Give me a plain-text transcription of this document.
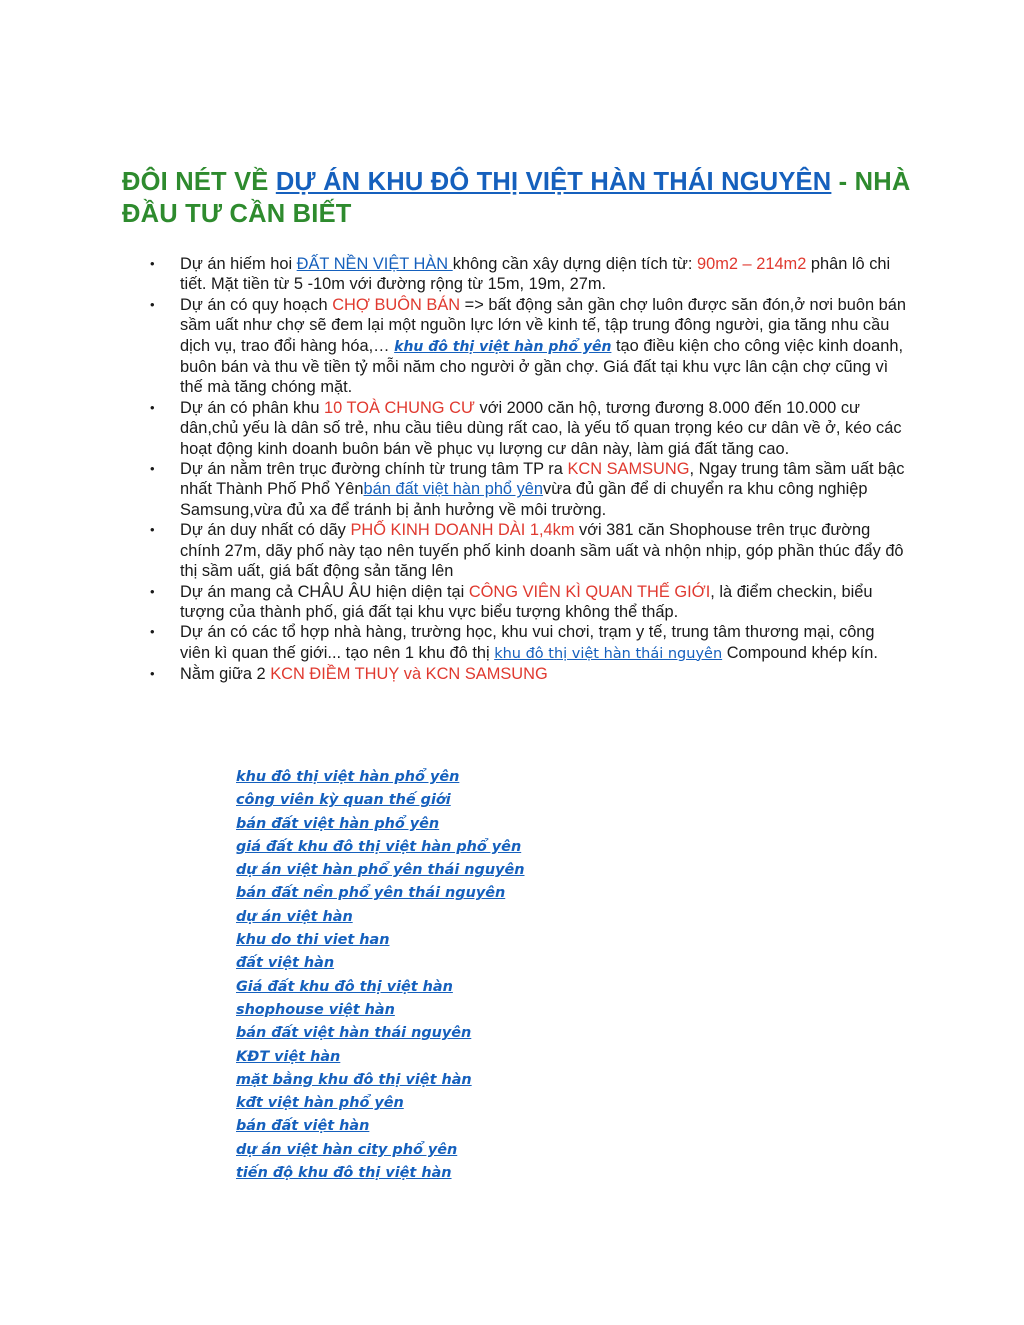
ĐÔI NÉT VỀ DỰ ÁN KHU ĐÔ THỊ VIỆT HÀN THÁI NGUYÊN - NHÀ ĐẦU TƯ CẦN BIẾT
• Dự án hiếm hoi ĐẤT NỀN VIỆT HÀN không cần xây dựng diện tích từ: 90m2 – 214m2 phân lô chi tiết. Mặt tiền từ 5 -10m với đường rộng từ 15m, 19m, 27m.
• Dự án có quy hoạch CHỢ BUÔN BÁN => bất động sản gần chợ luôn được săn đón,ở nơi buôn bán sầm uất như chợ sẽ đem lại một nguồn lực lớn về kinh tế, tập trung đông người, gia tăng nhu cầu dịch vụ, trao đổi hàng hóa,… khu đô thị việt hàn phổ yên tạo điều kiện cho công việc kinh doanh, buôn bán và thu về tiền tỷ mỗi năm cho người ở gần chợ. Giá đất tại khu vực lân cận chợ cũng vì thế mà tăng chóng mặt.
• Dự án có phân khu 10 TOÀ CHUNG CƯ với 2000 căn hộ, tương đương 8.000 đến 10.000 cư dân,chủ yếu là dân số trẻ, nhu cầu tiêu dùng rất cao, là yếu tố quan trọng kéo cư dân về ở, kéo các hoạt động kinh doanh buôn bán về phục vụ lượng cư dân này, làm giá đất tăng cao.
• Dự án nằm trên trục đường chính từ trung tâm TP ra KCN SAMSUNG, Ngay trung tâm sầm uất bậc nhất Thành Phố Phổ Yênbán đất việt hàn phổ yênvừa đủ gần để di chuyển ra khu công nghiệp Samsung,vừa đủ xa để tránh bị ảnh hưởng về môi trường.
• Dự án duy nhất có dãy PHỐ KINH DOANH DÀI 1,4km với 381 căn Shophouse trên trục đường chính 27m, dãy phố này tạo nên tuyến phố kinh doanh sầm uất và nhộn nhịp, góp phần thúc đẩy đô thị sầm uất, giá bất động sản tăng lên
• Dự án mang cả CHÂU ÂU hiện diện tại CÔNG VIÊN KÌ QUAN THẾ GIỚI, là điểm checkin, biểu tượng của thành phố, giá đất tại khu vực biểu tượng không thể thấp.
• Dự án có các tổ hợp nhà hàng, trường học, khu vui chơi, trạm y tế, trung tâm thương mại, công viên kì quan thế giới... tạo nên 1 khu đô thị khu đô thị việt hàn thái nguyên Compound khép kín.
• Nằm giữa 2 KCN ĐIỀM THUỴ và KCN SAMSUNG
khu đô thị việt hàn phổ yên
công viên kỳ quan thế giới
bán đất việt hàn phổ yên
giá đất khu đô thị việt hàn phổ yên
dự án việt hàn phổ yên thái nguyên
bán đất nền phổ yên thái nguyên
dự án việt hàn
khu do thi viet han
đất việt hàn
Giá đất khu đô thị việt hàn
shophouse việt hàn
bán đất việt hàn thái nguyên
KĐT việt hàn
mặt bằng khu đô thị việt hàn
kđt việt hàn phổ yên
bán đất việt hàn
dự án việt hàn city phổ yên
tiến độ khu đô thị việt hàn
